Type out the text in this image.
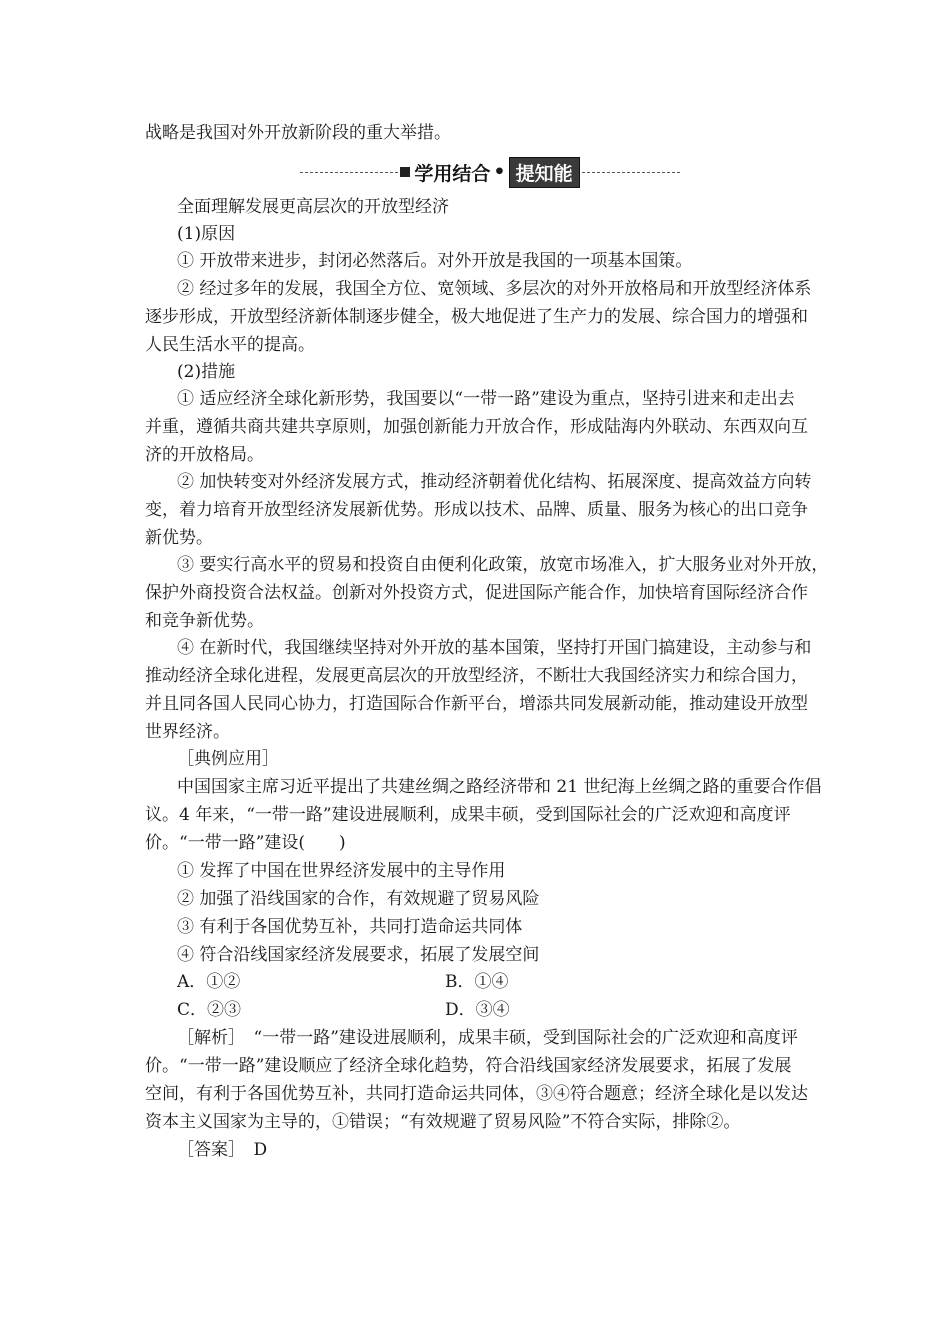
战略是我国对外开放新阶段的重大举措。
学用结合 • 提知能
全面理解发展更高层次的开放型经济
(1)原因
① 开放带来进步，封闭必然落后。对外开放是我国的一项基本国策。
② 经过多年的发展，我国全方位、宽领域、多层次的对外开放格局和开放型经济体系
逐步形成，开放型经济新体制逐步健全，极大地促进了生产力的发展、综合国力的增强和
人民生活水平的提高。
(2)措施
① 适应经济全球化新形势，我国要以“一带一路”建设为重点，坚持引进来和走出去
并重，遵循共商共建共享原则，加强创新能力开放合作，形成陆海内外联动、东西双向互
济的开放格局。
② 加快转变对外经济发展方式，推动经济朝着优化结构、拓展深度、提高效益方向转
变，着力培育开放型经济发展新优势。形成以技术、品牌、质量、服务为核心的出口竞争
新优势。
③ 要实行高水平的贸易和投资自由便利化政策，放宽市场准入，扩大服务业对外开放，
保护外商投资合法权益。创新对外投资方式，促进国际产能合作，加快培育国际经济合作
和竞争新优势。
④ 在新时代，我国继续坚持对外开放的基本国策，坚持打开国门搞建设，主动参与和
推动经济全球化进程，发展更高层次的开放型经济，不断壮大我国经济实力和综合国力，
并且同各国人民同心协力，打造国际合作新平台，增添共同发展新动能，推动建设开放型
世界经济。
［典例应用］
中国国家主席习近平提出了共建丝绸之路经济带和 21 世纪海上丝绸之路的重要合作倡
议。4 年来，“一带一路”建设进展顺利，成果丰硕，受到国际社会的广泛欢迎和高度评
价。“一带一路”建设(　　)
① 发挥了中国在世界经济发展中的主导作用
② 加强了沿线国家的合作，有效规避了贸易风险
③ 有利于各国优势互补，共同打造命运共同体
④ 符合沿线国家经济发展要求，拓展了发展空间
A．①②	B．①④
C．②③	D．③④
［解析］　“一带一路”建设进展顺利，成果丰硕，受到国际社会的广泛欢迎和高度评
价。“一带一路”建设顺应了经济全球化趋势，符合沿线国家经济发展要求，拓展了发展
空间，有利于各国优势互补，共同打造命运共同体，③④符合题意；经济全球化是以发达
资本主义国家为主导的，①错误；“有效规避了贸易风险”不符合实际，排除②。
［答案］　D
